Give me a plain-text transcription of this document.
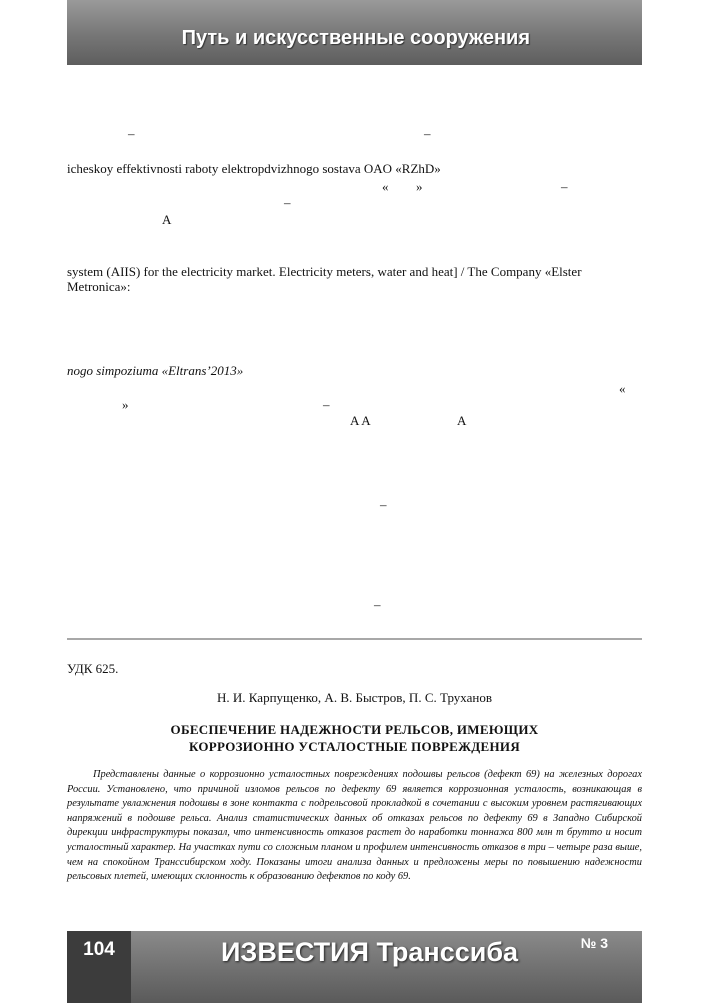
Путь и искусственные сооружения
–	–
icheskoy effektivnosti raboty elektropdvizhnogo sostava OAO «RZhD»
« »	–
–
A
system (AIIS) for the electricity market. Electricity meters, water and heat] / The Company «Elster
Metronica»:
nogo simpoziuma «Eltrans’2013»
«
»	–
A A	A
–
–
УДК 625.
Н. И. Карпущенко, А. В. Быстров, П. С. Труханов
ОБЕСПЕЧЕНИЕ НАДЕЖНОСТИ РЕЛЬСОВ, ИМЕЮЩИХ
КОРРОЗИОННО УСТАЛОСТНЫЕ ПОВРЕЖДЕНИЯ
Представлены данные о коррозионно усталостных повреждениях подошвы рельсов (дефект 69) на железных дорогах России. Установлено, что причиной изломов рельсов по дефекту 69 является коррозионная усталость, возникающая в результате увлажнения подошвы в зоне контакта с подрельсовой прокладкой в сочетании с высоким уровнем растягивающих напряжений в подошве рельса. Анализ статистических данных об отказах рельсов по дефекту 69 в Западно Сибирской дирекции инфраструктуры показал, что интенсивность отказов растет до наработки тоннажа 800 млн т брутто и носит усталостный характер. На участках пути со сложным планом и профилем интенсивность отказов в три – четыре раза выше, чем на спокойном Транссибирском ходу. Показаны итоги анализа данных и предложены меры по повышению надежности рельсовых плетей, имеющих склонность к образованию дефектов по коду 69.
104	ИЗВЕСТИЯ Транссиба	№ 3
